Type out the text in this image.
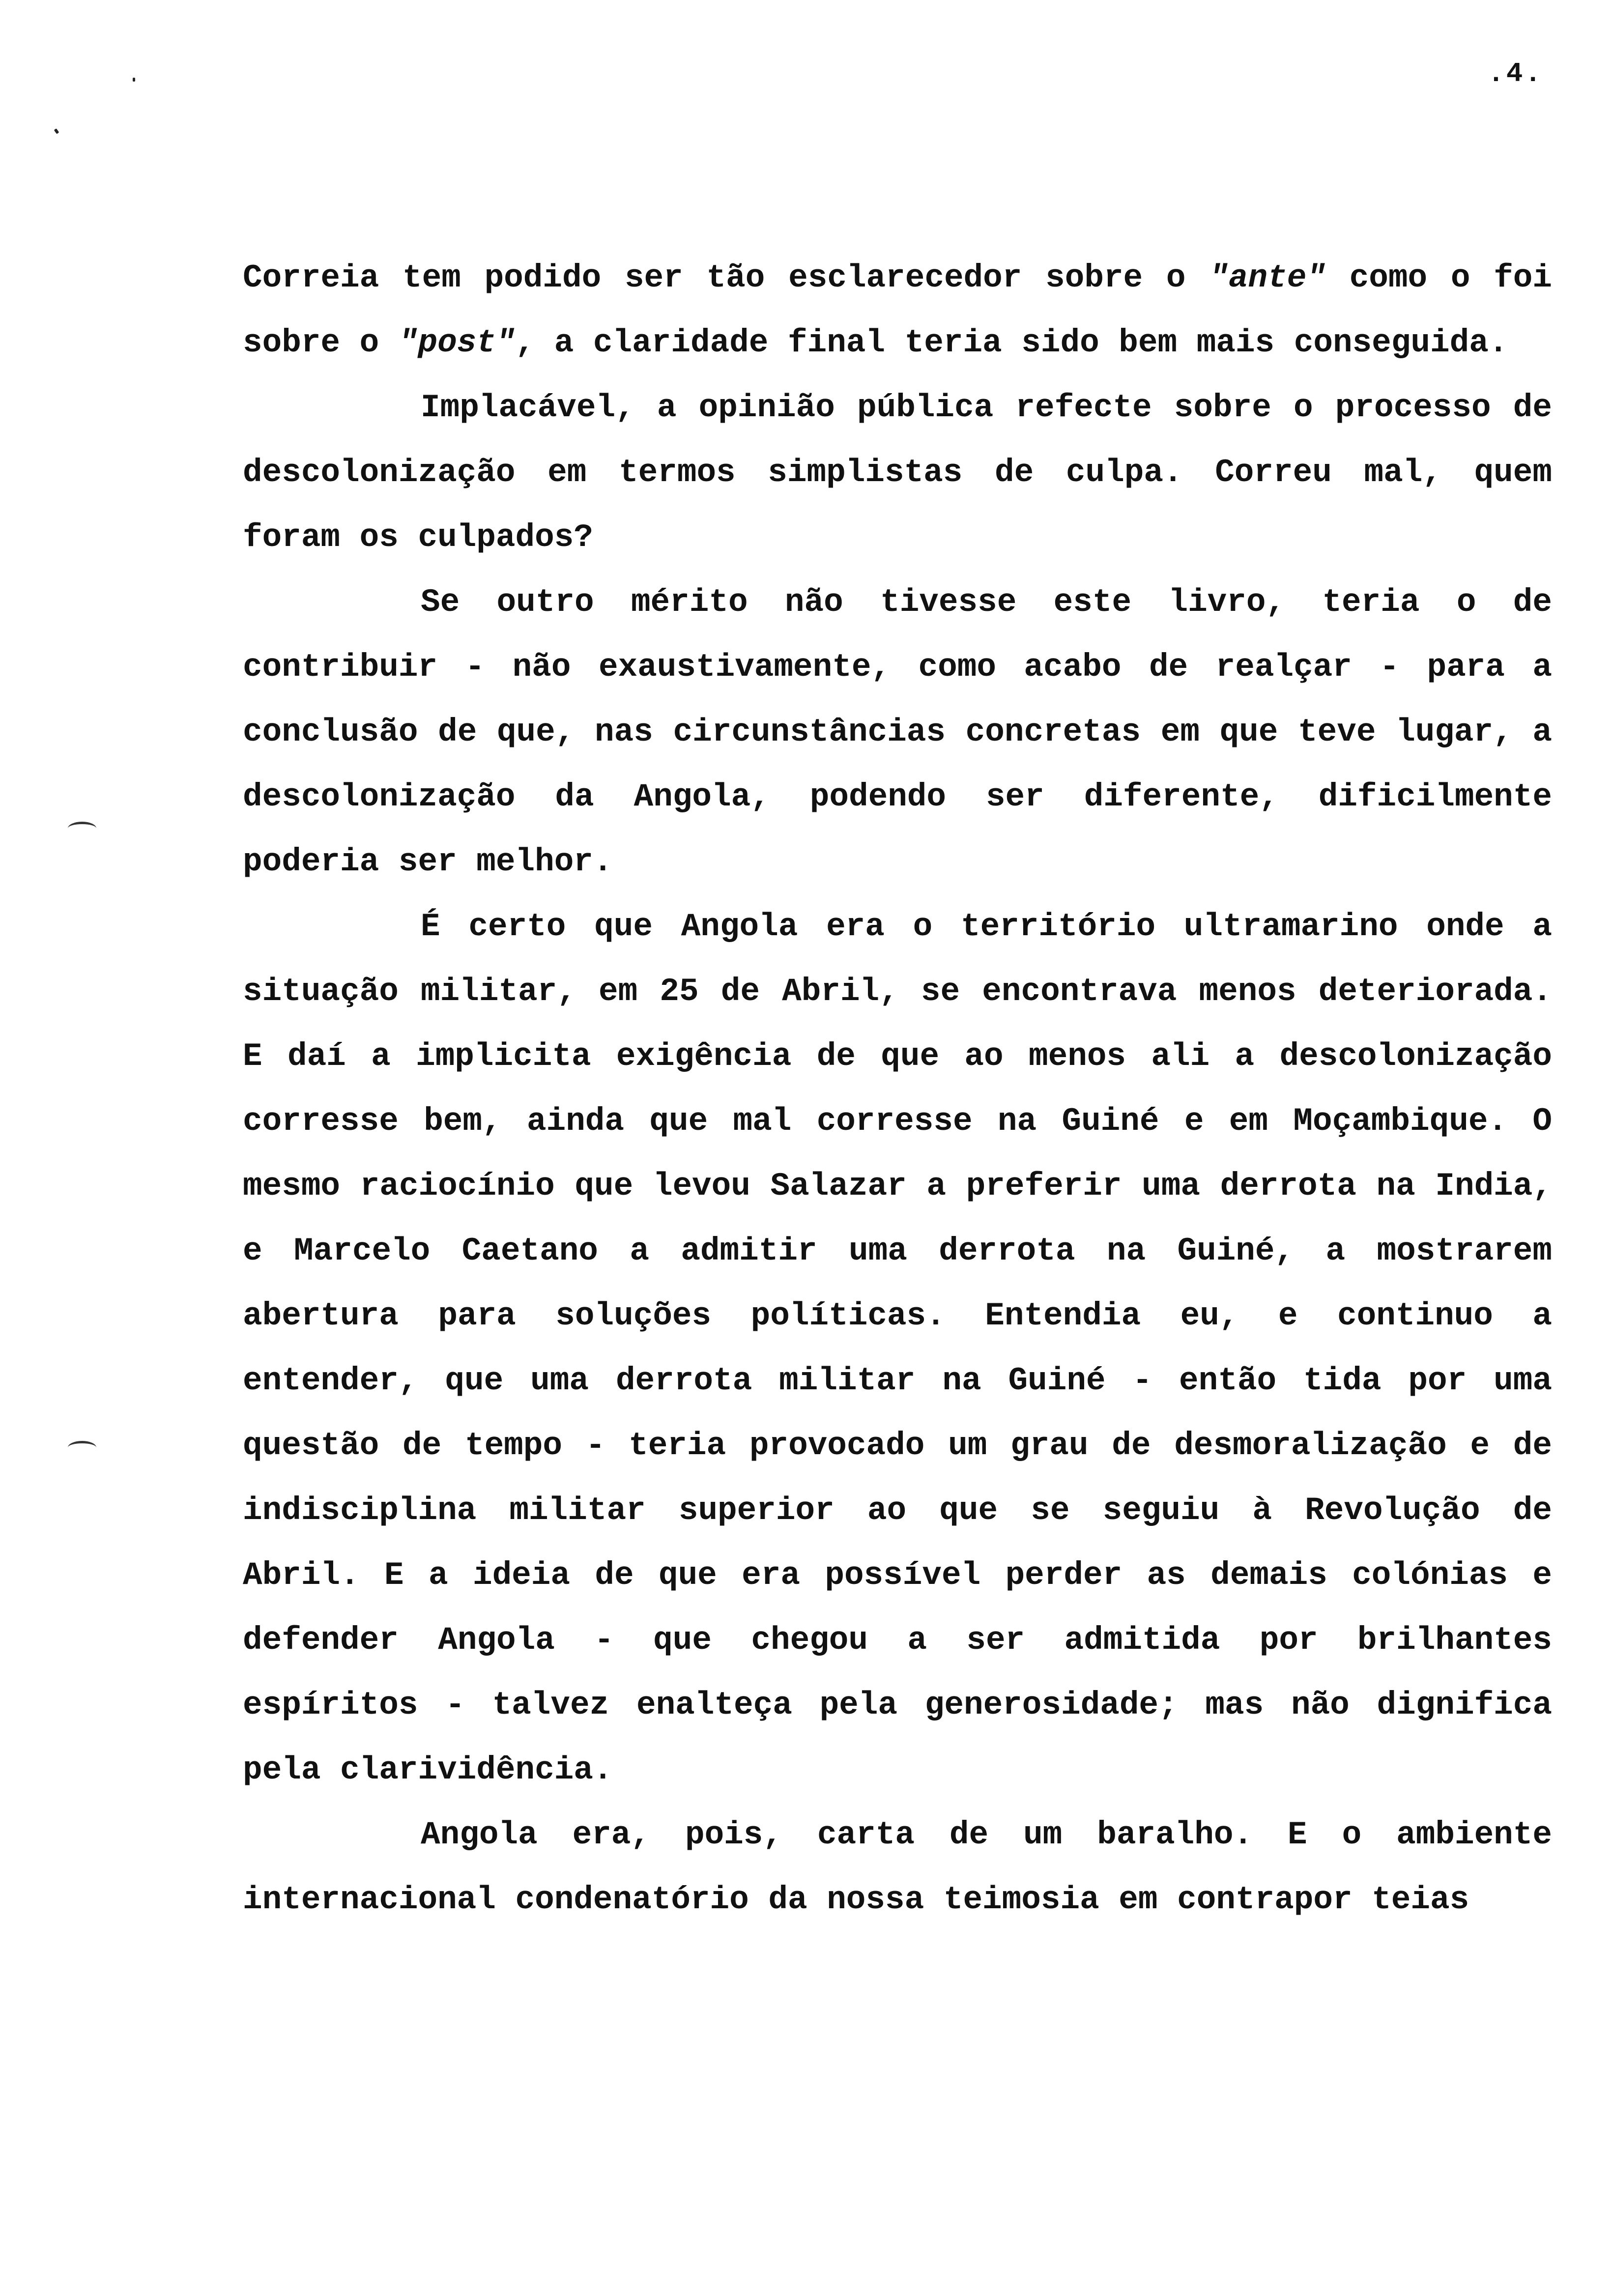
.4.

Correia tem podido ser tão esclarecedor sobre o "ante" como o foi sobre o "post", a claridade final teria sido bem mais conseguida.

Implacável, a opinião pública refecte sobre o processo de descolonização em termos simplistas de culpa. Correu mal, quem foram os culpados?

Se outro mérito não tivesse este livro, teria o de contribuir - não exaustivamente, como acabo de realçar - para a conclusão de que, nas circunstâncias concretas em que teve lugar, a descolonização da Angola, podendo ser diferente, dificilmente poderia ser melhor.

É certo que Angola era o território ultramarino onde a situação militar, em 25 de Abril, se encontrava menos deteriorada. E daí a implicita exigência de que ao menos ali a descolonização corresse bem, ainda que mal corresse na Guiné e em Moçambique. O mesmo raciocínio que levou Salazar a preferir uma derrota na India, e Marcelo Caetano a admitir uma derrota na Guiné, a mostrarem abertura para soluções políticas. Entendia eu, e continuo a entender, que uma derrota militar na Guiné - então tida por uma questão de tempo - teria provocado um grau de desmoralização e de indisciplina militar superior ao que se seguiu à Revolução de Abril. E a ideia de que era possível perder as demais colónias e defender Angola - que chegou a ser admitida por brilhantes espíritos - talvez enalteça pela generosidade; mas não dignifica pela clarividência.

Angola era, pois, carta de um baralho. E o ambiente internacional condenatório da nossa teimosia em contrapor teias
